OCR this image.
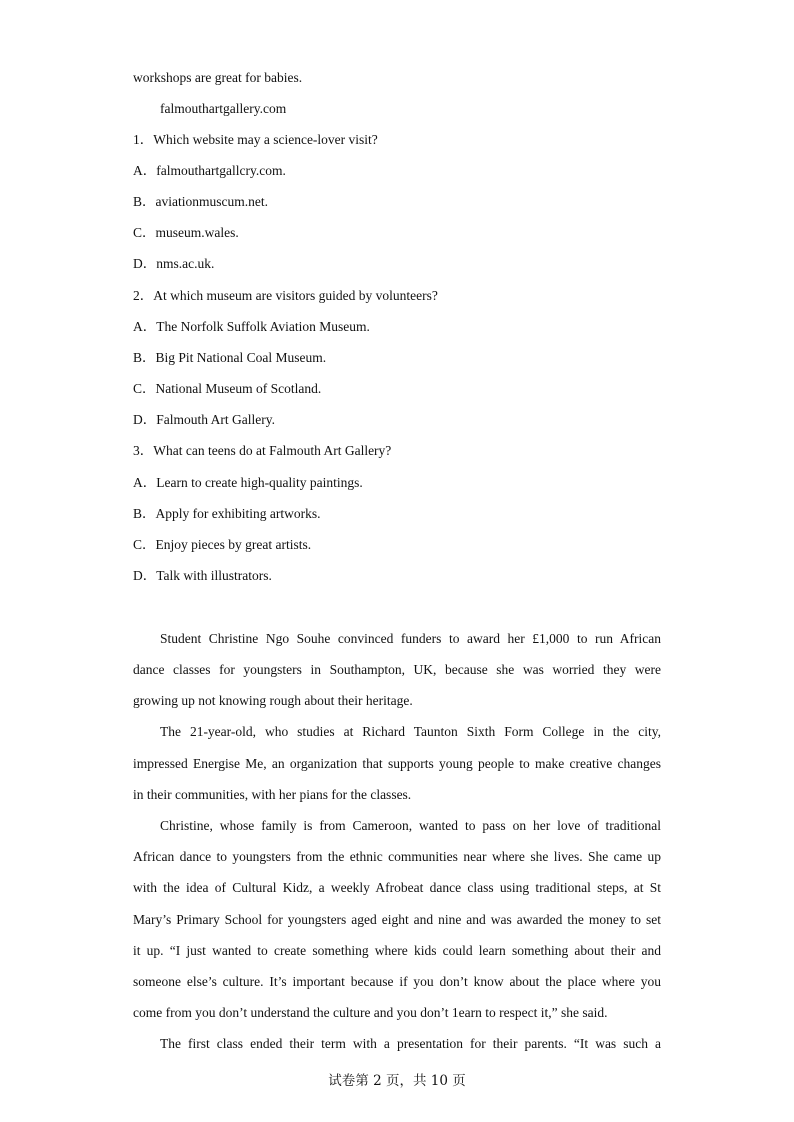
workshops are great for babies.
falmouthartgallery.com
1．Which website may a science-lover visit?
A．falmouthartgallcry.com.
B．aviationmuscum.net.
C．museum.wales.
D．nms.ac.uk.
2．At which museum are visitors guided by volunteers?
A．The Norfolk Suffolk Aviation Museum.
B．Big Pit National Coal Museum.
C．National Museum of Scotland.
D．Falmouth Art Gallery.
3．What can teens do at Falmouth Art Gallery?
A．Learn to create high-quality paintings.
B．Apply for exhibiting artworks.
C．Enjoy pieces by great artists.
D．Talk with illustrators.
Student Christine Ngo Souhe convinced funders to award her £1,000 to run African
dance classes for youngsters in Southampton, UK, because she was worried they were
growing up not knowing rough about their heritage.
The 21-year-old, who studies at Richard Taunton Sixth Form College in the city,
impressed Energise Me, an organization that supports young people to make creative changes
in their communities, with her pians for the classes.
Christine, whose family is from Cameroon, wanted to pass on her love of traditional
African dance to youngsters from the ethnic communities near where she lives. She came up
with the idea of Cultural Kidz, a weekly Afrobeat dance class using traditional steps, at St
Mary’s Primary School for youngsters aged eight and nine and was awarded the money to set
it up. “I just wanted to create something where kids could learn something about their and
someone else’s culture. It’s important because if you don’t know about the place where you
come from you don’t understand the culture and you don’t 1earn to respect it,” she said.
The first class ended their term with a presentation for their parents. “It was such a
试卷第 2 页，共 10 页
